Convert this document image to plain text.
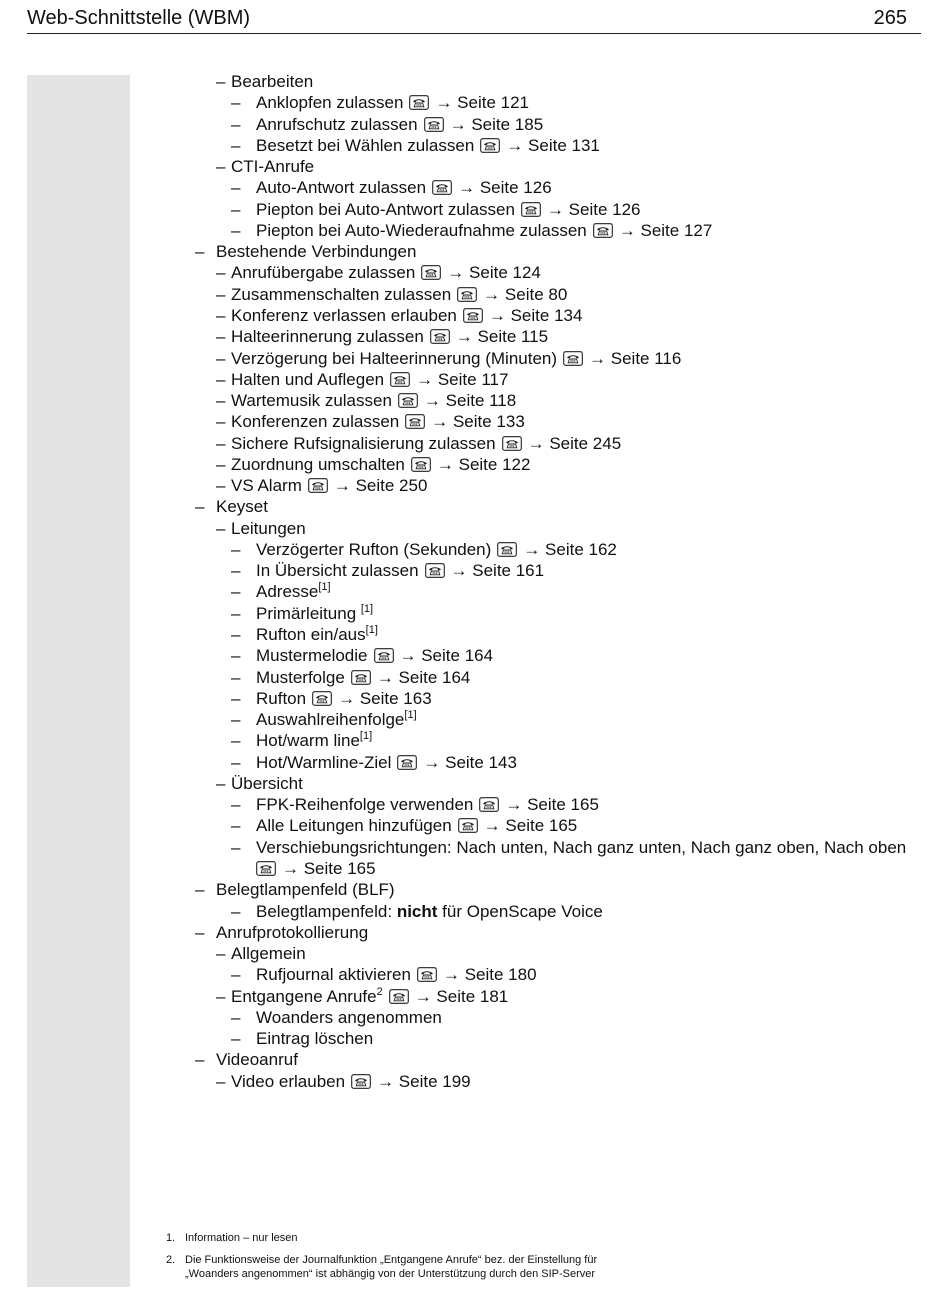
Web-Schnittstelle (WBM)	265
– Bearbeiten
– Anklopfen zulassen → Seite 121
– Anrufschutz zulassen → Seite 185
– Besetzt bei Wählen zulassen → Seite 131
– CTI-Anrufe
– Auto-Antwort zulassen → Seite 126
– Piepton bei Auto-Antwort zulassen → Seite 126
– Piepton bei Auto-Wiederaufnahme zulassen → Seite 127
– Bestehende Verbindungen
– Anrufübergabe zulassen → Seite 124
– Zusammenschalten zulassen → Seite 80
– Konferenz verlassen erlauben → Seite 134
– Halteerinnerung zulassen → Seite 115
– Verzögerung bei Halteerinnerung (Minuten) → Seite 116
– Halten und Auflegen → Seite 117
– Wartemusik zulassen → Seite 118
– Konferenzen zulassen → Seite 133
– Sichere Rufsignalisierung zulassen → Seite 245
– Zuordnung umschalten → Seite 122
– VS Alarm → Seite 250
– Keyset
– Leitungen
– Verzögerter Rufton (Sekunden) → Seite 162
– In Übersicht zulassen → Seite 161
– Adresse[1]
– Primärleitung [1]
– Rufton ein/aus[1]
– Mustermelodie → Seite 164
– Musterfolge → Seite 164
– Rufton → Seite 163
– Auswahlreihenfolge[1]
– Hot/warm line[1]
– Hot/Warmline-Ziel → Seite 143
– Übersicht
– FPK-Reihenfolge verwenden → Seite 165
– Alle Leitungen hinzufügen → Seite 165
– Verschiebungsrichtungen: Nach unten, Nach ganz unten, Nach ganz oben, Nach oben
→ Seite 165
– Belegtlampenfeld (BLF)
– Belegtlampenfeld: nicht für OpenScape Voice
– Anrufprotokollierung
– Allgemein
– Rufjournal aktivieren → Seite 180
– Entgangene Anrufe$^2$ → Seite 181
– Woanders angenommen
– Eintrag löschen
– Videoanruf
– Video erlauben → Seite 199
1. Information – nur lesen
2. Die Funktionsweise der Journalfunktion „Entgangene Anrufe“ bez. der Einstellung für
„Woanders angenommen“ ist abhängig von der Unterstützung durch den SIP-Server
